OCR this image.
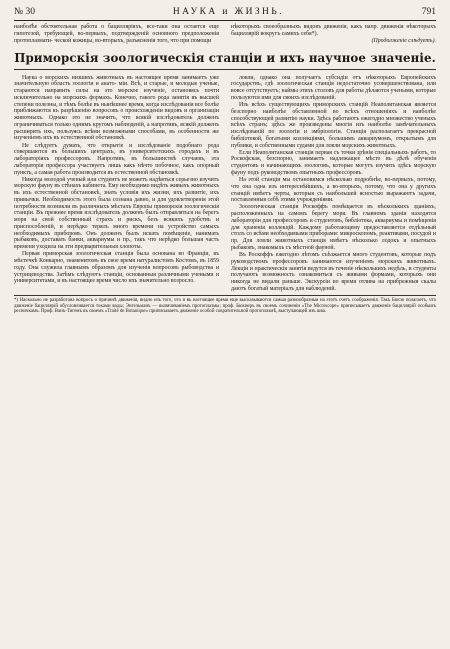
№ 30	НАУКА и ЖИЗНЬ.	791

наибол҃ѣе обстоятельная работа о бациллярiяхъ, все-таки она остается еще гипотезой, требующей, во-первыхъ, подтвержденiй основного предположенiя протоплазмати- ческой кожицы, во-вторыхъ, разъясненiя того, что при помощи

нѣкоторыхъ своеобразныхъ видовъ движенiя, какъ напр. движенiя нѣкоторыхъ бациллярiй вокругъ самихъ себя*).

(Продолженiе слѣдуетъ).
Приморскiя зоологическiя станцiи и ихъ научное значенiе.

Наука о морскихъ низшихъ животныхъ въ настоящее время занимаетъ уже значительную область зоологiи и анато- мiи. Всѣ, и старые, и молодые ученые, стараются направить силы на это морское изученiе, остановясь почти исключительно на морскихъ формахъ. Конечно, такого рода занятiя въ высшей степени полезны, и тѣмъ болѣе въ нынѣшнее время, когда изслѣдованiя все болѣе приближаются къ разрѣшенiю вопросовъ о происхожденiи видовъ и организацiи животныхъ. Однако это не значитъ, что всякiй изслѣдователь долженъ ограничиваться только однимъ кругомъ наблюденiй, а напротивъ, всякiй долженъ расширить ихъ, пользуясь всѣми возможными способами, въ особенности же изученiемъ ихъ въ естественной обстановкѣ.

Не слѣдуетъ думать, что открытiе и изслѣдованiе подобнаго рода совершаются въ большихъ центрахъ, въ университетскихъ городахъ и въ лабораторiяхъ профессоровъ. Напротивъ, въ большинствѣ случаевъ, эта лабораторiя профессора участвуетъ лишь какъ нѣчто побочное, какъ опорный пунктъ, а самая работа производится въ естественной обстановкѣ.

Никогда молодой ученый или студентъ не можетъ надѣяться серьезно изучить морскую фауну въ стѣнахъ кабинета. Ему необходимо видѣть живыхъ животныхъ въ ихъ естественной обстановкѣ, знать условiя ихъ жизни, ихъ развитiе, ихъ привычки. Необходимость этого была сознана давно, и для удовлетворенiя этой потребности возникли въ различныхъ мѣстахъ Европы приморскiя зоологическiя станцiи. Въ прежнее время изслѣдователь долженъ былъ отправляться на берегъ моря на свой собственный страхъ и рискъ, безъ всякихъ удобствъ и приспособленiй, и нерѣдко терялъ много времени на устройство самыхъ необходимыхъ приборовъ. Онъ долженъ былъ искать помѣщенiе, нанимать рыбаковъ, доставать банки, аквариумы и пр., такъ что нерѣдко большая часть времени уходила на эти предварительныя хлопоты.

Первая приморская зоологическая станцiя была основана во Францiи, въ мѣстечкѣ Конкарно, знаменитомъ въ свое время натуралистомъ Костомъ, въ 1859 году. Она служила главнымъ образомъ для изученiя вопросовъ рыбоводства и устрицеводства. Затѣмъ слѣдуютъ станцiи, основанныя различными учеными и университетами, и въ настоящее время число ихъ значительно возросло.

ловли, однако она получаетъ субсидiи отъ нѣкоторыхъ Европейскихъ государствъ, гдѣ зоологическая станцiя недостаточно усовершенствована, или вовсе отсутствуетъ; наймы этихъ столовъ для работы дѣлаются учеными, которые пользуются ими для своихъ изслѣдованiй.

Изъ всѣхъ существующихъ приморскихъ станцiй Неаполитанская является безспорно наиболѣе обставленной во всѣхъ отношенiяхъ и наиболѣе способствующей развитiю науки. Здѣсь работаютъ ежегодно множество ученыхъ всѣхъ странъ; здѣсь же произведены многiя изъ наиболѣе замѣчательныхъ изслѣдованiй по зоологiи и эмбрiологiи. Станцiя располагаетъ прекрасной библiотекой, богатыми коллекцiями, большимъ аквариумомъ, открытымъ для публики, и собственными судами для ловли морскихъ животныхъ.

Если Неаполитанская станцiя первая съ точки зрѣнiя спецiальныхъ работъ, то Роскофская, безспорно, занимаетъ надлежащее мѣсто въ дѣлѣ обученiя студентовъ и начинающихъ зоологовъ, которые могутъ изучить здѣсь морскую фауну подъ руководствомъ опытныхъ профессоровъ.

На этой станцiи мы остановимся нѣсколько подробнѣе, во-первыхъ, потому, что она одна изъ интереснѣйшихъ, а во-вторыхъ, потому, что она у другихъ станцiй имѣетъ черты, которыя съ наибольшей ясностью выражаютъ задачи, поставленныя себѣ этими учрежденiями.

Зоологическая станцiя Роскоффъ помѣщается въ нѣсколькихъ зданiяхъ, расположенныхъ на самомъ берегу моря. Въ главномъ зданiи находятся лабораторiи для профессоровъ и студентовъ, библiотека, аквариумы и помѣщенiя для храненiя коллекцiй. Каждому работающему предоставляется отдѣльный столъ со всѣми необходимыми приборами: микроскопомъ, реактивами, посудой и пр. Для ловли животныхъ станцiя имѣетъ нѣсколько лодокъ и опытныхъ рыбаковъ, знакомыхъ съ мѣстной фауной.

Въ Роскоффъ ежегодно лѣтомъ съѣзжается много студентовъ, которые подъ руководствомъ профессоровъ занимаются изученiемъ морскихъ животныхъ. Лекцiи и практическiя занятiя ведутся въ теченiе нѣсколькихъ недѣль, и студенты получаютъ возможность ознакомиться съ живыми формами, которыхъ они никогда не видали раньше. Экскурсiи во время отлива на прибрежныя скалы даютъ богатый матерiалъ для наблюденiй.

*) Наскольно не разработана вопросъ о причинѣ движенiя, видно изъ того, что я въ настоящее время еще высказываются самыя разнообразныя на этотъ счетъ соображенiя. Такъ Бюсю полагаетъ, что движенiе бациллярiй обусловливается токами воды; Энгельманъ — выпячиванiемъ протоплазмы; проф. Бюхнеръ въ своемъ сочиненiи «The Microscope» приписываетъ движенiе бациллярiй особымъ ресничкамъ. Проф. Ванъ-Тигемъ въ своемъ «Traité de Botanique» приписываетъ движенiе особой сократительной протоплазмѣ, выступающей изъ шва.
